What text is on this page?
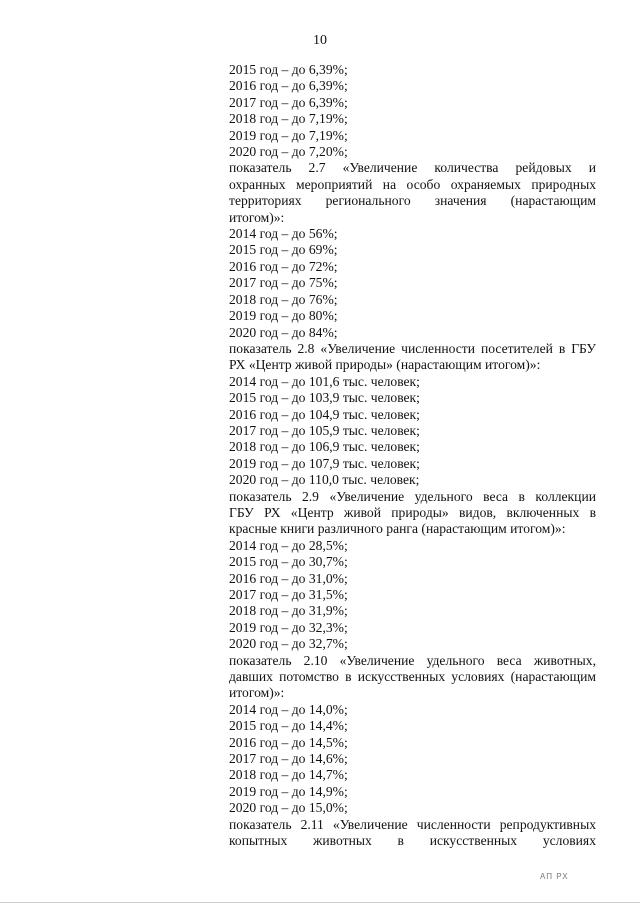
10
2015 год – до 6,39%;
2016 год – до 6,39%;
2017 год – до 6,39%;
2018 год – до 7,19%;
2019 год – до 7,19%;
2020 год – до 7,20%;
показатель 2.7 «Увеличение количества рейдовых и
охранных мероприятий на особо охраняемых природных
территориях регионального значения (нарастающим
итогом)»:
2014 год – до 56%;
2015 год – до 69%;
2016 год – до 72%;
2017 год – до 75%;
2018 год – до 76%;
2019 год – до 80%;
2020 год – до 84%;
показатель 2.8 «Увеличение численности посетителей в ГБУ
РХ «Центр живой природы» (нарастающим итогом)»:
2014 год – до 101,6 тыс. человек;
2015 год – до 103,9 тыс. человек;
2016 год – до 104,9 тыс. человек;
2017 год – до 105,9 тыс. человек;
2018 год – до 106,9 тыс. человек;
2019 год – до 107,9 тыс. человек;
2020 год – до 110,0 тыс. человек;
показатель 2.9 «Увеличение удельного веса в коллекции
ГБУ РХ «Центр живой природы» видов, включенных в
красные книги различного ранга (нарастающим итогом)»:
2014 год – до 28,5%;
2015 год – до 30,7%;
2016 год – до 31,0%;
2017 год – до 31,5%;
2018 год – до 31,9%;
2019 год – до 32,3%;
2020 год – до 32,7%;
показатель 2.10 «Увеличение удельного веса животных,
давших потомство в искусственных условиях (нарастающим
итогом)»:
2014 год – до 14,0%;
2015 год – до 14,4%;
2016 год – до 14,5%;
2017 год – до 14,6%;
2018 год – до 14,7%;
2019 год – до 14,9%;
2020 год – до 15,0%;
показатель 2.11 «Увеличение численности репродуктивных
копытных животных в искусственных условиях
АП РХ
